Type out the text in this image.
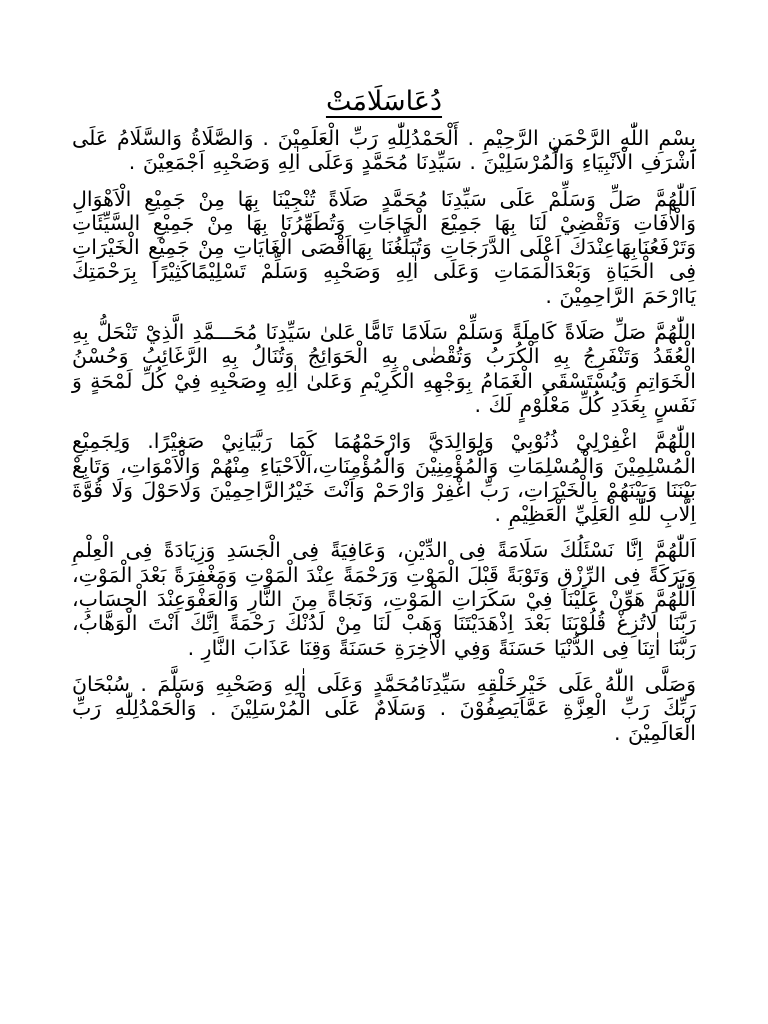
دُعَاسَلَامَتْ

بِسْمِ اللّٰهِ الرَّحْمَنِ الرَّحِيْمِ . أَلْحَمْدُلِلّٰهِ رَبِّ الْعَلَمِيْنَ . وَالصَّلَاةُ وَالسَّلَامُ عَلَى اَشْرَفِ الْاَنْبِيَاءِ وَالْمُرْسَلِيْنَ . سَيِّدِنَا مُحَمَّدٍ وَعَلَى اٰلِهِ وَصَحْبِهِ اَجْمَعِيْنَ .

اَللّٰهُمَّ صَلِّ وَسَلِّمْ عَلَى سَيِّدِنَا مُحَمَّدٍ صَلَاةً تُنْجِيْنَا بِهَا مِنْ جَمِيْعِ الْاَهْوَالِ وَالْاٰفَاتِ وَتَقْضِيْ لَنَا بِهَا جَمِيْعَ الْحَاجَاتِ وَتُطَهِّرُنَا بِهَا مِنْ جَمِيْعِ السَّيِّئَاتِ وَتَرْفَعُنَابِهَاعِنْدَكَ اَعْلَى الدَّرَجَاتِ وَتُبَلِّغُنَا بِهَااَقْصَى الْغَايَاتِ مِنْ جَمِيْعِ الْخَيْرَاتِ فِى الْحَيَاةِ وَبَعْدَالْمَمَاتِ وَعَلَى اٰلِهِ وَصَحْبِهِ وَسَلِّمْ تَسْلِيْمًاكَثِيْرًا بِرَحْمَتِكَ يَاارْحَمَ الرَّاحِمِيْنَ .

اللّٰهُمَّ صَلِّ صَلَاةً كَامِلَةً وَسَلِّمْ سَلَامًا تَامًّا عَلىٰ سَيِّدِنَا مُحَـــمَّدِ الَّذِيْ تَنْحَلُّ بِهِ الْعُقَدُ وَتَنْفَرِجُ بِهِ الْكُرَبُ وَتُقْضٰى بِهِ الْحَوَائِجُ وَتُنَالُ بِهِ الرَّغَائِبُ وَحُسْنُ الْخَوَاتِمِ وَيُسْتَسْقَى الْغَمَامُ بِوَجْهِهِ الْكَرِيْمِ وَعَلىٰ اٰلِهِ وِصَحْبِهِ فِيْ كُلِّ لَمْحَةٍ وَ نَفَسٍ بِعَدَدِ كُلِّ مَعْلُوْمٍ لَكَ .

اللّٰهُمَّ اغْفِرْلِيْ ذُنُوْبِيْ وَلِوَالِدَيَّ وَارْحَمْهُمَا كَمَا رَبَّيَانِيْ صَغِيْرًا. وَلِجَمِيْعِ الْمُسْلِمِيْنَ وَالْمُسْلِمَاتِ وَالْمُؤْمِنِيْنَ وَالْمُؤْمِنَاتِ،اَلْاَحْيَاءِ مِنْهُمْ وَالْاَمْوَاتِ، وَتَابِعْ بَيْنَنَا وَبَيْنَهُمْ بِالْخَيْرَاتِ، رَبِّ اغْفِرْ وَارْحَمْ وَاَنْتَ خَيْرُالرَّاحِمِيْنَ وَلَاحَوْلَ وَلَا قُوَّةَ اِلَّابِ للّٰهِ الْعَلِيِّ الْعَظِيْمِ .

اَللّٰهُمَّ اِنَّا نَسْئَلُكَ سَلَامَةً فِى الدِّيْنِ، وَعَافِيَةً فِى الْجَسَدِ وَزِيَادَةً فِى الْعِلْمِ وَبَرَكَةً فِى الرِّزْقِ وَتَوْبَةً قَبْلَ الْمَوْتِ وَرَحْمَةً عِنْدَ الْمَوْتِ وَمَغْفِرَةً بَعْدَ الْمَوْتِ، اَللّٰهُمَّ هَوِّنْ عَلَيْنَا فِيْ سَكَرَاتِ الْمَوْتِ، وَنَجَاةً مِنَ النَّارِ وَالْعَفْوَعِنْدَ الْحِسَابِ، رَبَّنَا لَاتُزِغْ قُلُوْبَنَا بَعْدَ اِذْهَدَيْتَنَا وَهَبْ لَنَا مِنْ لَدُنْكَ رَحْمَةً اِنَّكَ اَنْتَ الْوَهَّابُ، رَبَّنَا اٰتِنَا فِى الدُّنْيَا حَسَنَةً وَفِي الْاٰخِرَةِ حَسَنَةً وَقِنَا عَذَابَ النَّارِ .

وَصَلَّى اللّٰهُ عَلَى خَيْرِخَلْقِهِ سَيِّدِنَامُحَمَّدٍ وَعَلَى اٰلِهِ وَصَحْبِهِ وَسَلَّمَ . سُبْحَانَ رَبِّكَ رَبِّ الْعِزَّةِ عَمَّايَصِفُوْنَ . وَسَلَامٌ عَلَى الْمُرْسَلِيْنَ . وَالْحَمْدُلِلّٰهِ رَبِّ الْعَالَمِيْنَ .
